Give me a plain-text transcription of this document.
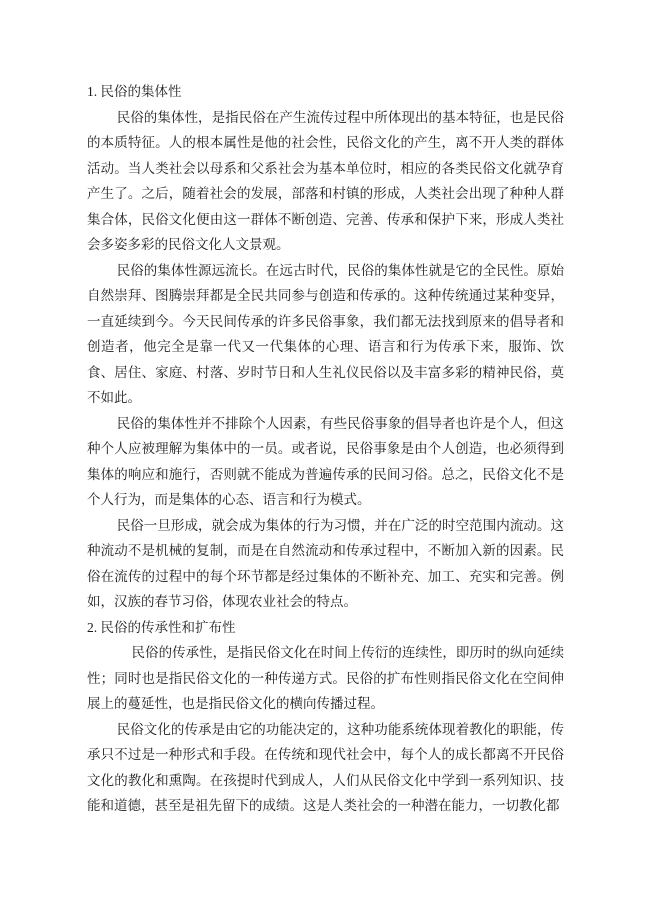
1. 民俗的集体性

民俗的集体性，是指民俗在产生流传过程中所体现出的基本特征，也是民俗的本质特征。人的根本属性是他的社会性，民俗文化的产生，离不开人类的群体活动。当人类社会以母系和父系社会为基本单位时，相应的各类民俗文化就孕育产生了。之后，随着社会的发展，部落和村镇的形成，人类社会出现了种种人群集合体，民俗文化便由这一群体不断创造、完善、传承和保护下来，形成人类社会多姿多彩的民俗文化人文景观。

民俗的集体性源远流长。在远古时代，民俗的集体性就是它的全民性。原始自然崇拜、图腾崇拜都是全民共同参与创造和传承的。这种传统通过某种变异，一直延续到今。今天民间传承的许多民俗事象，我们都无法找到原来的倡导者和创造者，他完全是靠一代又一代集体的心理、语言和行为传承下来，服饰、饮食、居住、家庭、村落、岁时节日和人生礼仪民俗以及丰富多彩的精神民俗，莫不如此。

民俗的集体性并不排除个人因素，有些民俗事象的倡导者也许是个人，但这种个人应被理解为集体中的一员。或者说，民俗事象是由个人创造，也必须得到集体的响应和施行，否则就不能成为普遍传承的民间习俗。总之，民俗文化不是个人行为，而是集体的心态、语言和行为模式。

民俗一旦形成，就会成为集体的行为习惯，并在广泛的时空范围内流动。这种流动不是机械的复制，而是在自然流动和传承过程中，不断加入新的因素。民俗在流传的过程中的每个环节都是经过集体的不断补充、加工、充实和完善。例如，汉族的春节习俗，体现农业社会的特点。

2. 民俗的传承性和扩布性

民俗的传承性，是指民俗文化在时间上传衍的连续性，即历时的纵向延续性；同时也是指民俗文化的一种传递方式。民俗的扩布性则指民俗文化在空间伸展上的蔓延性，也是指民俗文化的横向传播过程。

民俗文化的传承是由它的功能决定的，这种功能系统体现着教化的职能，传承只不过是一种形式和手段。在传统和现代社会中，每个人的成长都离不开民俗文化的教化和熏陶。在孩提时代到成人，人们从民俗文化中学到一系列知识、技能和道德，甚至是祖先留下的成绩。这是人类社会的一种潜在能力，一切教化都
